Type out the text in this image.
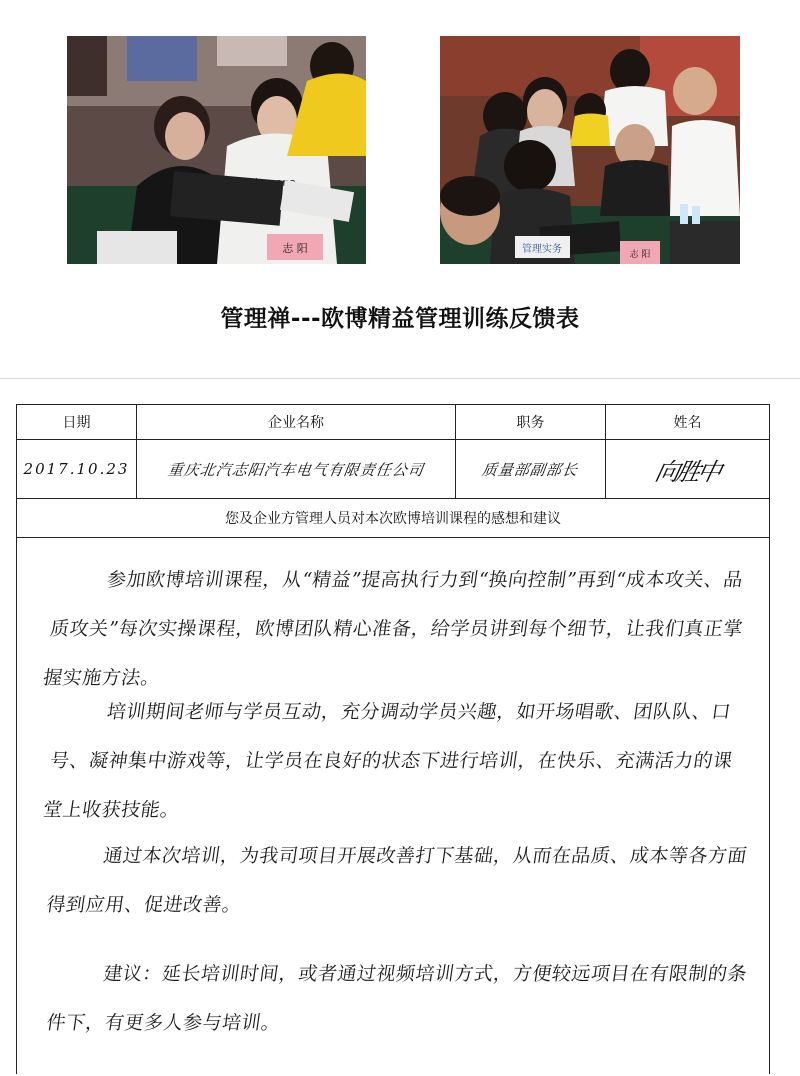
志 阳	管理实务	志 阳
管理禅---欧博精益管理训练反馈表
日期	企业名称	职务	姓名
2017.10.23	重庆北汽志阳汽车电气有限责任公司	质量部副部长	向胜中
您及企业方管理人员对本次欧博培训课程的感想和建议			
参加欧博培训课程，从“精益”提高执行力到“换向控制”再到“成本攻关、品质攻关”每次实操课程，欧博团队精心准备，给学员讲到每个细节，让我们真正掌握实施方法。
培训期间老师与学员互动，充分调动学员兴趣，如开场唱歌、团队队、口号、凝神集中游戏等，让学员在良好的状态下进行培训，在快乐、充满活力的课堂上收获技能。
通过本次培训，为我司项目开展改善打下基础，从而在品质、成本等各方面得到应用、促进改善。
建议：延长培训时间，或者通过视频培训方式，方便较远项目在有限制的条件下，有更多人参与培训。
